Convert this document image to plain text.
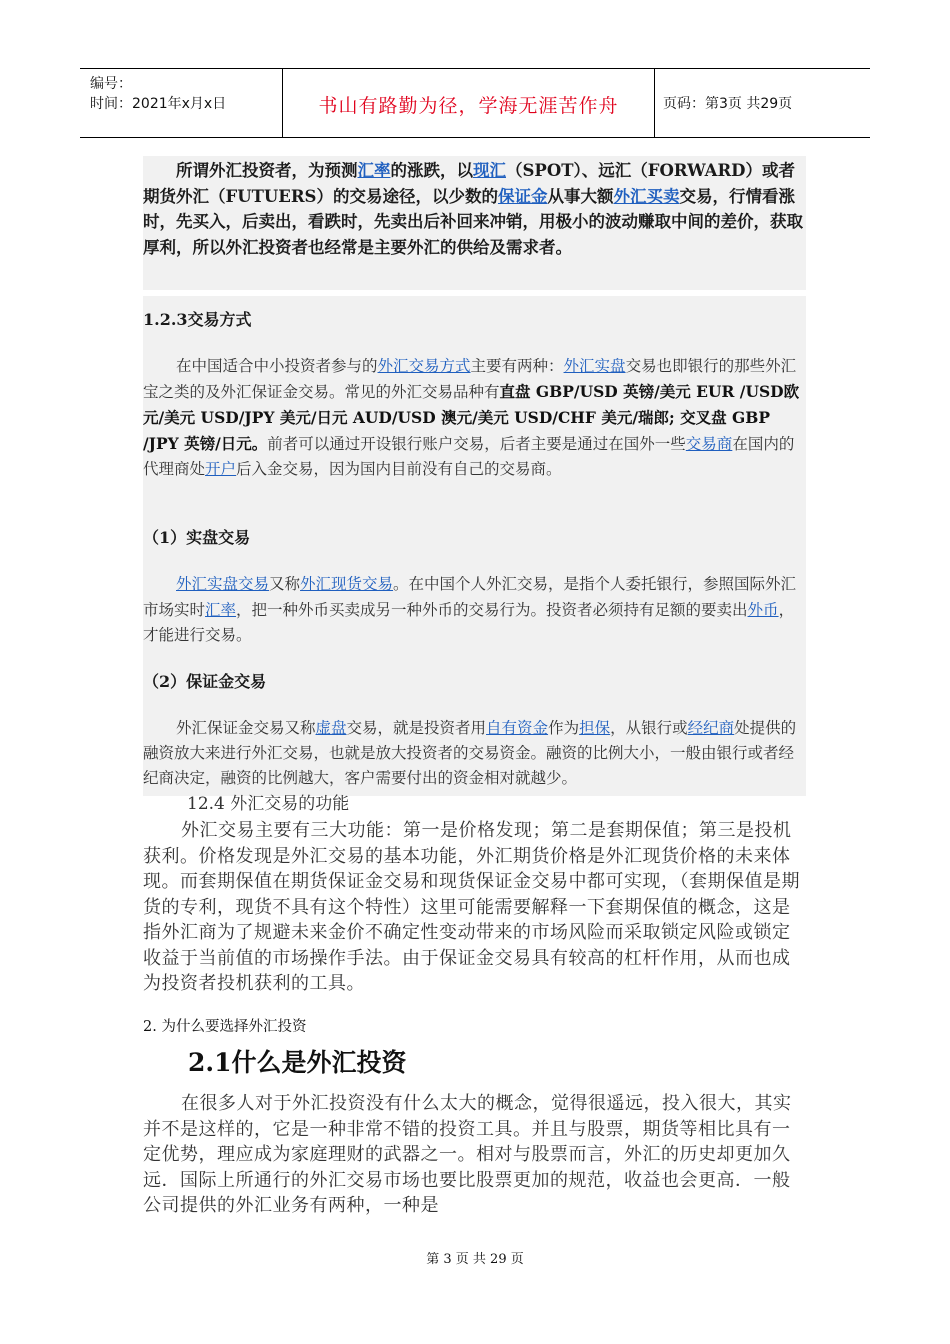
编号：
时间：2021年x月x日	书山有路勤为径，学海无涯苦作舟	页码：第3页 共29页

所谓外汇投资者，为预测汇率的涨跌，以现汇（SPOT）、远汇（FORWARD）或者期货外汇（FUTUERS）的交易途径，以少数的保证金从事大额外汇买卖交易，行情看涨时，先买入，后卖出，看跌时，先卖出后补回来冲销，用极小的波动赚取中间的差价，获取厚利，所以外汇投资者也经常是主要外汇的供给及需求者。

1.2.3交易方式

在中国适合中小投资者参与的外汇交易方式主要有两种：外汇实盘交易也即银行的那些外汇宝之类的及外汇保证金交易。常见的外汇交易品种有直盘 GBP/USD 英镑/美元 EUR /USD欧元/美元 USD/JPY 美元/日元 AUD/USD 澳元/美元 USD/CHF 美元/瑞郎; 交叉盘 GBP /JPY 英镑/日元。前者可以通过开设银行账户交易，后者主要是通过在国外一些交易商在国内的代理商处开户后入金交易，因为国内目前没有自己的交易商。

（1）实盘交易

外汇实盘交易又称外汇现货交易。在中国个人外汇交易，是指个人委托银行，参照国际外汇市场实时汇率，把一种外币买卖成另一种外币的交易行为。投资者必须持有足额的要卖出外币，才能进行交易。

（2）保证金交易

外汇保证金交易又称虚盘交易，就是投资者用自有资金作为担保，从银行或经纪商处提供的融资放大来进行外汇交易，也就是放大投资者的交易资金。融资的比例大小，一般由银行或者经纪商决定，融资的比例越大，客户需要付出的资金相对就越少。

12.4 外汇交易的功能

外汇交易主要有三大功能：第一是价格发现；第二是套期保值；第三是投机获利。价格发现是外汇交易的基本功能，外汇期货价格是外汇现货价格的未来体现。而套期保值在期货保证金交易和现货保证金交易中都可实现，（套期保值是期货的专利，现货不具有这个特性）这里可能需要解释一下套期保值的概念，这是指外汇商为了规避未来金价不确定性变动带来的市场风险而采取锁定风险或锁定收益于当前值的市场操作手法。由于保证金交易具有较高的杠杆作用，从而也成为投资者投机获利的工具。

2. 为什么要选择外汇投资
2.1什么是外汇投资

在很多人对于外汇投资没有什么太大的概念，觉得很遥远，投入很大，其实并不是这样的，它是一种非常不错的投资工具。并且与股票，期货等相比具有一定优势，理应成为家庭理财的武器之一。相对与股票而言，外汇的历史却更加久远．国际上所通行的外汇交易市场也要比股票更加的规范，收益也会更高．一般公司提供的外汇业务有两种，一种是

第 3 页 共 29 页
